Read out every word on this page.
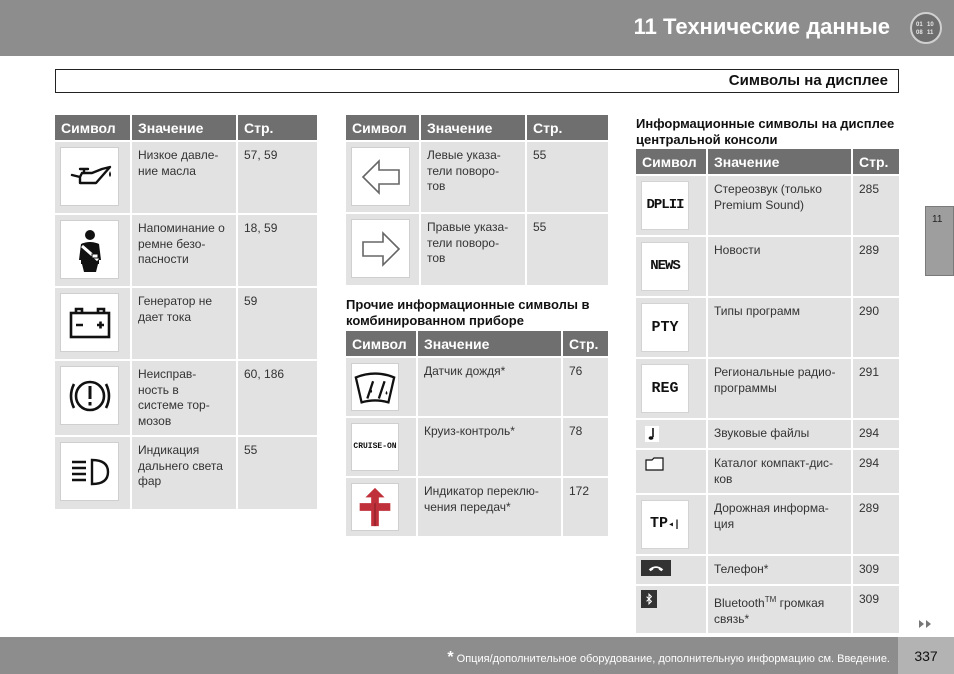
11 Технические данные	01 10
08 11
Символы на дисплее
11
Символ	Значение	Стр.

	Низкое давле-
ние масла	57, 59

	Напоминание о
ремне безо-
пасности	18, 59

	Генератор не
дает тока	59

	Неисправ-
ность в
системе тор-
мозов	60, 186

	Индикация
дальнего света
фар	55
Символ	Значение	Стр.

	Левые указа-
тели поворо-
тов	55

	Правые указа-
тели поворо-
тов	55
Прочие информационные символы в комбинированном приборе
Символ	Значение	Стр.

	Датчик дождя*	76

CRUISE-ON	Круиз-контроль*	78

	Индикатор переклю-
чения передач*	172
Информационные символы на дисплее центральной консоли
Символ	Значение	Стр.

DPLII	Стереозвук (только
Premium Sound)	285

NEWS	Новости	289

PTY	Типы программ	290

REG	Региональные радио-
программы	291

	Звуковые файлы	294

	Каталог компакт-дис-
ков	294

TP◂|	Дорожная информа-
ция	289

	Телефон*	309

	Bluetooth™ громкая
связь*	309
* Опция/дополнительное оборудование, дополнительную информацию см. Введение.	337
